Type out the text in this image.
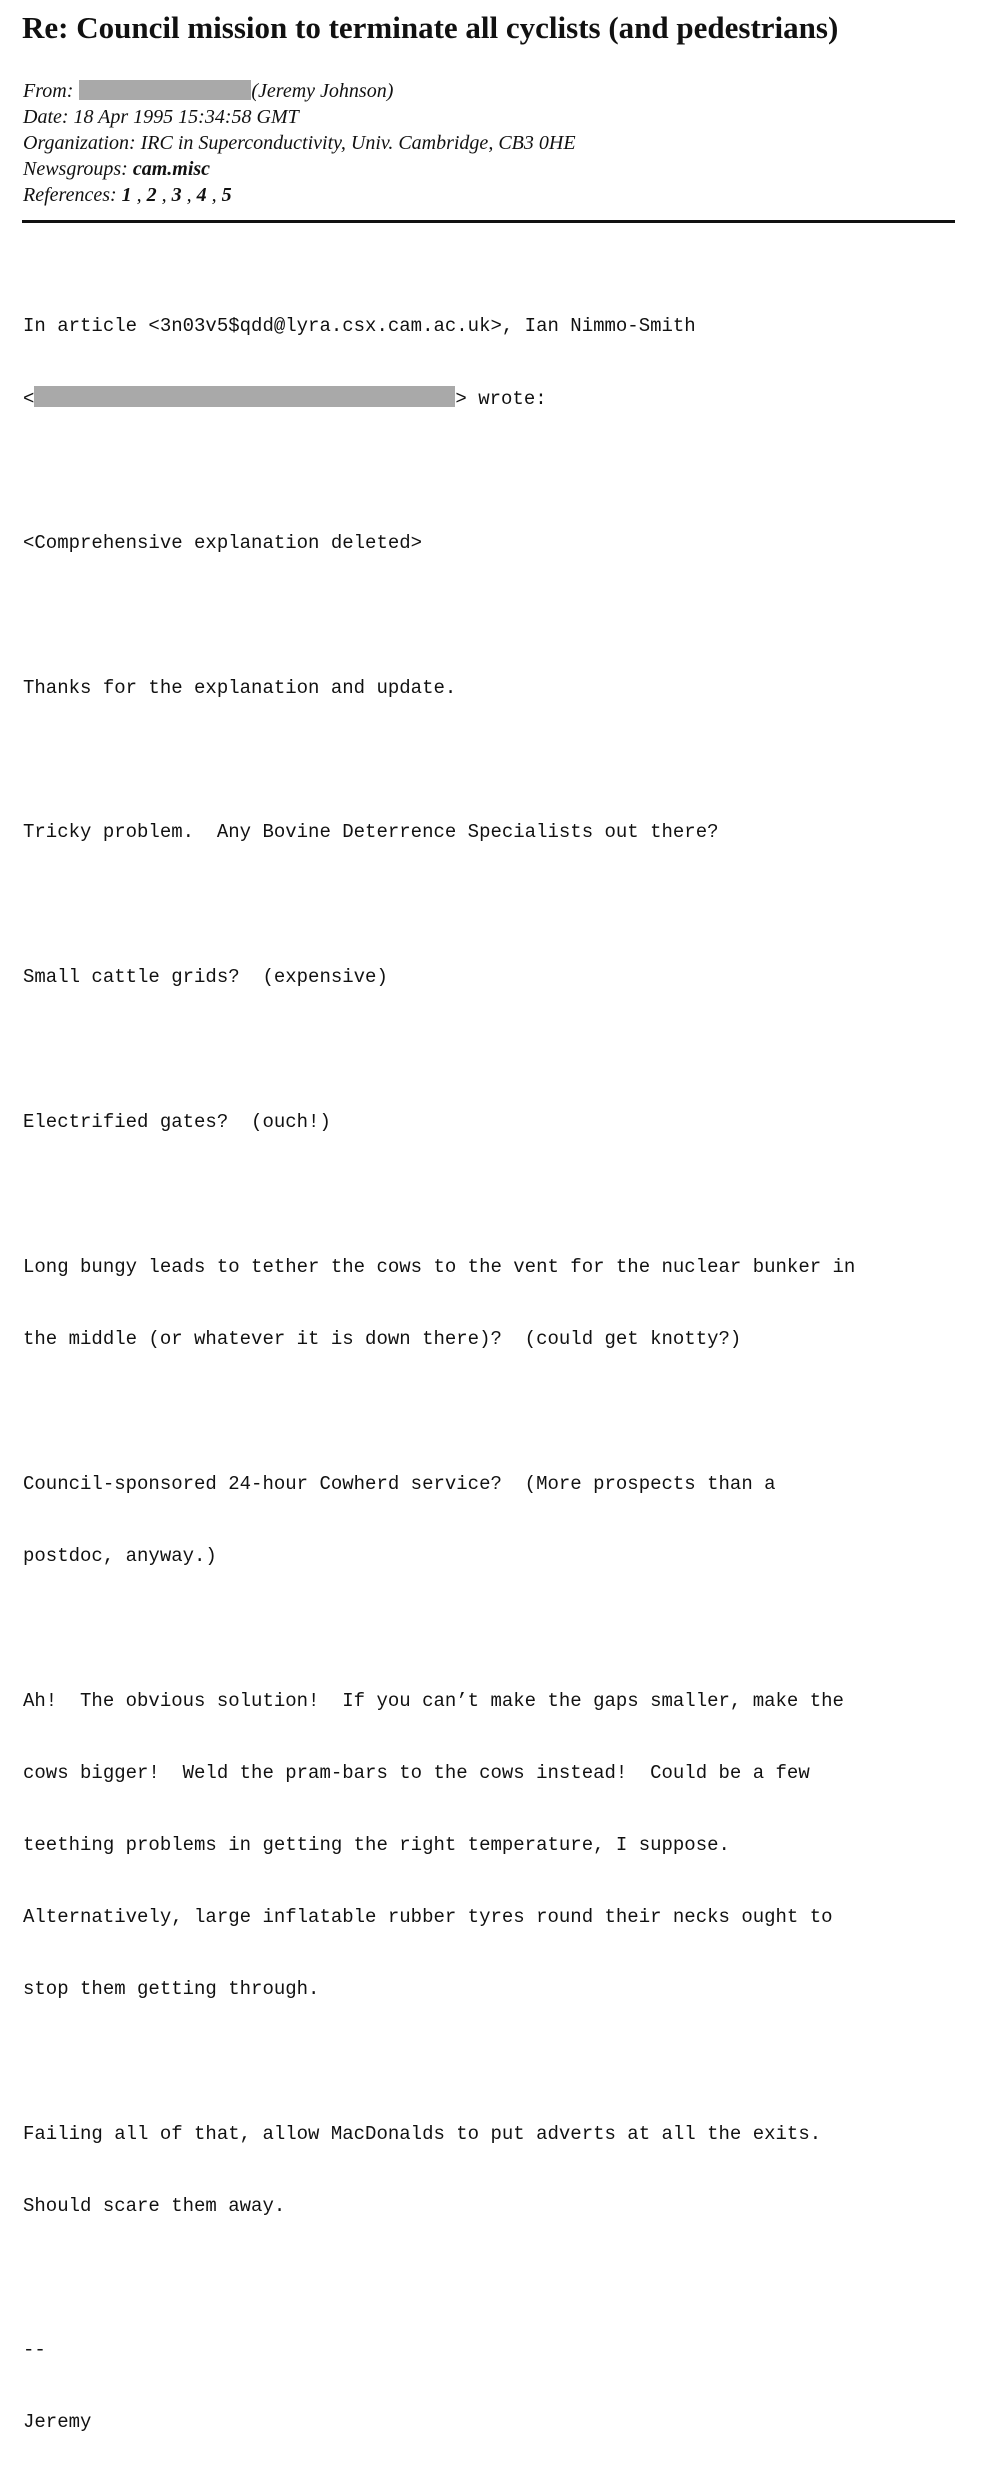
Re: Council mission to terminate all cyclists (and pedestrians)
From:	(Jeremy Johnson)
Date: 18 Apr 1995 15:34:58 GMT
Organization: IRC in Superconductivity, Univ. Cambridge, CB3 0HE
Newsgroups: cam.misc
References: 1 , 2 , 3 , 4 , 5

In article <3n03v5$qdd@lyra.csx.cam.ac.uk>, Ian Nimmo-Smith

<	> wrote:

<Comprehensive explanation deleted>

Thanks for the explanation and update.

Tricky problem.  Any Bovine Deterrence Specialists out there?

Small cattle grids?  (expensive)

Electrified gates?  (ouch!)

Long bungy leads to tether the cows to the vent for the nuclear bunker in

the middle (or whatever it is down there)?  (could get knotty?)

Council-sponsored 24-hour Cowherd service?  (More prospects than a

postdoc, anyway.)

Ah!  The obvious solution!  If you can’t make the gaps smaller, make the

cows bigger!  Weld the pram-bars to the cows instead!  Could be a few

teething problems in getting the right temperature, I suppose.

Alternatively, large inflatable rubber tyres round their necks ought to

stop them getting through.

Failing all of that, allow MacDonalds to put adverts at all the exits.

Should scare them away.

--

Jeremy
